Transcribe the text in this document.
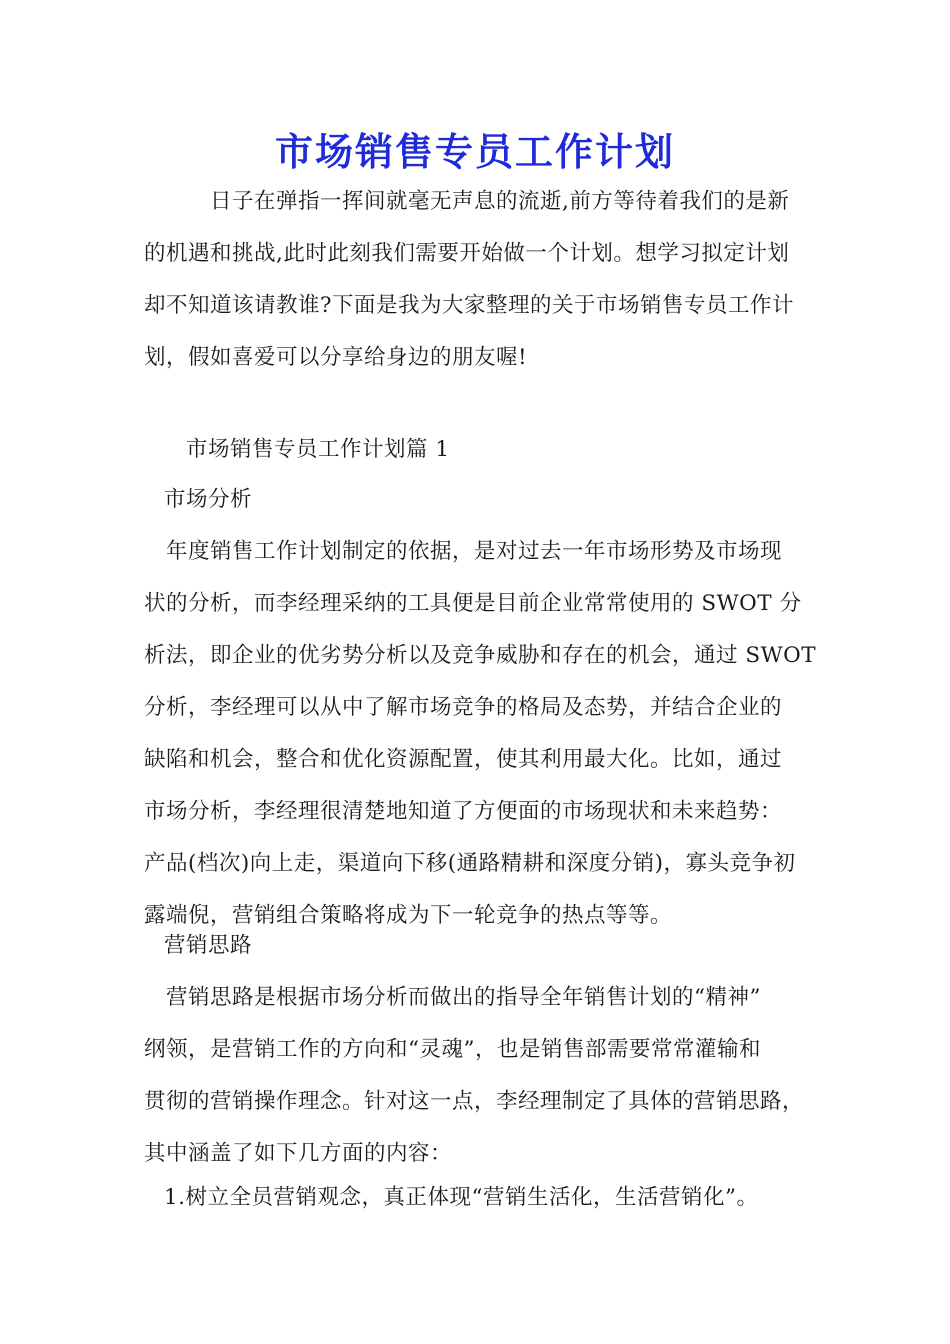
市场销售专员工作计划
日子在弹指一挥间就毫无声息的流逝,前方等待着我们的是新
的机遇和挑战,此时此刻我们需要开始做一个计划。想学习拟定计划
却不知道该请教谁?下面是我为大家整理的关于市场销售专员工作计
划，假如喜爱可以分享给身边的朋友喔!
市场销售专员工作计划篇 1
市场分析
年度销售工作计划制定的依据，是对过去一年市场形势及市场现
状的分析，而李经理采纳的工具便是目前企业常常使用的 SWOT 分
析法，即企业的优劣势分析以及竞争威胁和存在的机会，通过 SWOT
分析，李经理可以从中了解市场竞争的格局及态势，并结合企业的
缺陷和机会，整合和优化资源配置，使其利用最大化。比如，通过
市场分析，李经理很清楚地知道了方便面的市场现状和未来趋势：
产品(档次)向上走，渠道向下移(通路精耕和深度分销)，寡头竞争初
露端倪，营销组合策略将成为下一轮竞争的热点等等。
营销思路
营销思路是根据市场分析而做出的指导全年销售计划的“精神”
纲领，是营销工作的方向和“灵魂”，也是销售部需要常常灌输和
贯彻的营销操作理念。针对这一点，李经理制定了具体的营销思路，
其中涵盖了如下几方面的内容：
1.树立全员营销观念，真正体现“营销生活化，生活营销化”。
